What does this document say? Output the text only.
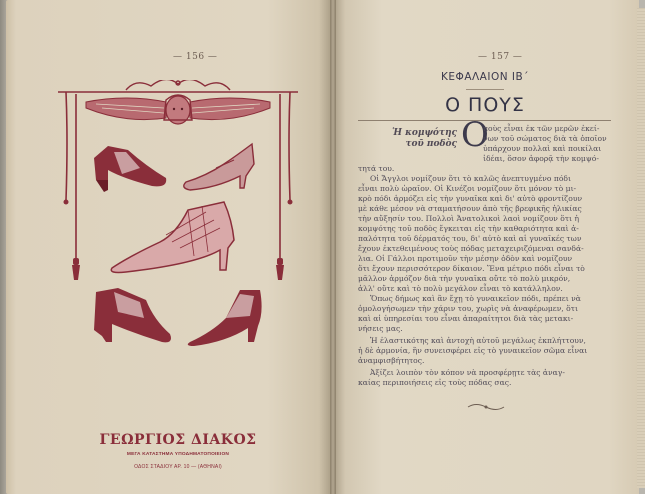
— 156 —	— 157 —
ΓΕΩΡΓΙΟΣ ΔΙΑΚΟΣ
ΜΕΓΑ ΚΑΤΑΣΤΗΜΑ ΥΠΟΔΗΜΑΤΟΠΟΙΕΙΟΝ
ΟΔΟΣ ΣΤΑΔΙΟΥ ΑΡ. 10 — (ΑΘΗΝΑΙ)
ΚΕΦΑΛΑΙΟΝ ΙΒ΄
Ο ΠΟΥΣ
Ἡ κομψότης
τοῦ ποδὸς Ο
ποὺς εἶναι ἐκ τῶν μερῶν ἐκεί-
νων τοῦ σώματος διὰ τὰ ὁποῖον
ὑπάρχουν πολλαὶ καὶ ποικίλαι
ἰδέαι, ὅσον ἀφορᾷ τὴν κομψό-
τητά του.
Οἱ Ἄγγλοι νομίζουν ὅτι τὸ καλῶς ἀνεπτυγμένο πόδι
εἶναι πολὺ ὡραῖον. Οἱ Κινέζοι νομίζουν ὅτι μόνον τὸ μι-
κρὸ πόδι ἁρμόζει εἰς τὴν γυναῖκα καὶ δι' αὐτὸ φροντίζουν
μὲ κάθε μέσον νὰ σταματήσουν ἀπὸ τῆς βρεφικῆς ἡλικίας
τὴν αὔξησίν του. Πολλοὶ Ἀνατολικοὶ λαοὶ νομίζουν ὅτι ἡ
κομψότης τοῦ ποδὸς ἔγκειται εἰς τὴν καθαριότητα καὶ ἁ-
παλότητα τοῦ δέρματός του, δι' αὐτὸ καὶ αἱ γυναῖκές των
ἔχουν ἐκτεθειμένους τοὺς πόδας μεταχειριζόμεναι σανδά-
λια. Οἱ Γάλλοι προτιμοῦν τὴν μέσην ὁδὸν καὶ νομίζουν
ὅτι ἔχουν περισσότερον δίκαιον. Ἕνα μέτριο πόδι εἶναι τὸ
μᾶλλον ἁρμόζον διὰ τὴν γυναῖκα οὔτε τὸ πολὺ μικρόν,
ἀλλ' οὔτε καὶ τὸ πολὺ μεγάλον εἶναι τὸ κατάλληλον.
Ὅπως δήμως καὶ ἂν ἔχῃ τὸ γυναικεῖον πόδι, πρέπει νὰ
ὁμολογήσωμεν τὴν χάριν του, χωρὶς νὰ ἀναφέρωμεν, ὅτι
καὶ αἱ ὑπηρεσίαι του εἶναι ἀπαραίτητοι διὰ τὰς μετακι-
νήσεις μας.
Ἡ ἐλαστικότης καὶ ἀντοχὴ αὐτοῦ μεγάλως ἐκπλήττουν,
ἡ δὲ ἁρμονία, ἣν συνεισφέρει εἰς τὸ γυναικεῖον σῶμα εἶναι
ἀναμφισβήτητος.
Ἀξίζει λοιπὸν τὸν κόπον νὰ προσφέρῃτε τὰς ἀναγ-
καίας περιποιήσεις εἰς τοὺς πόδας σας.
